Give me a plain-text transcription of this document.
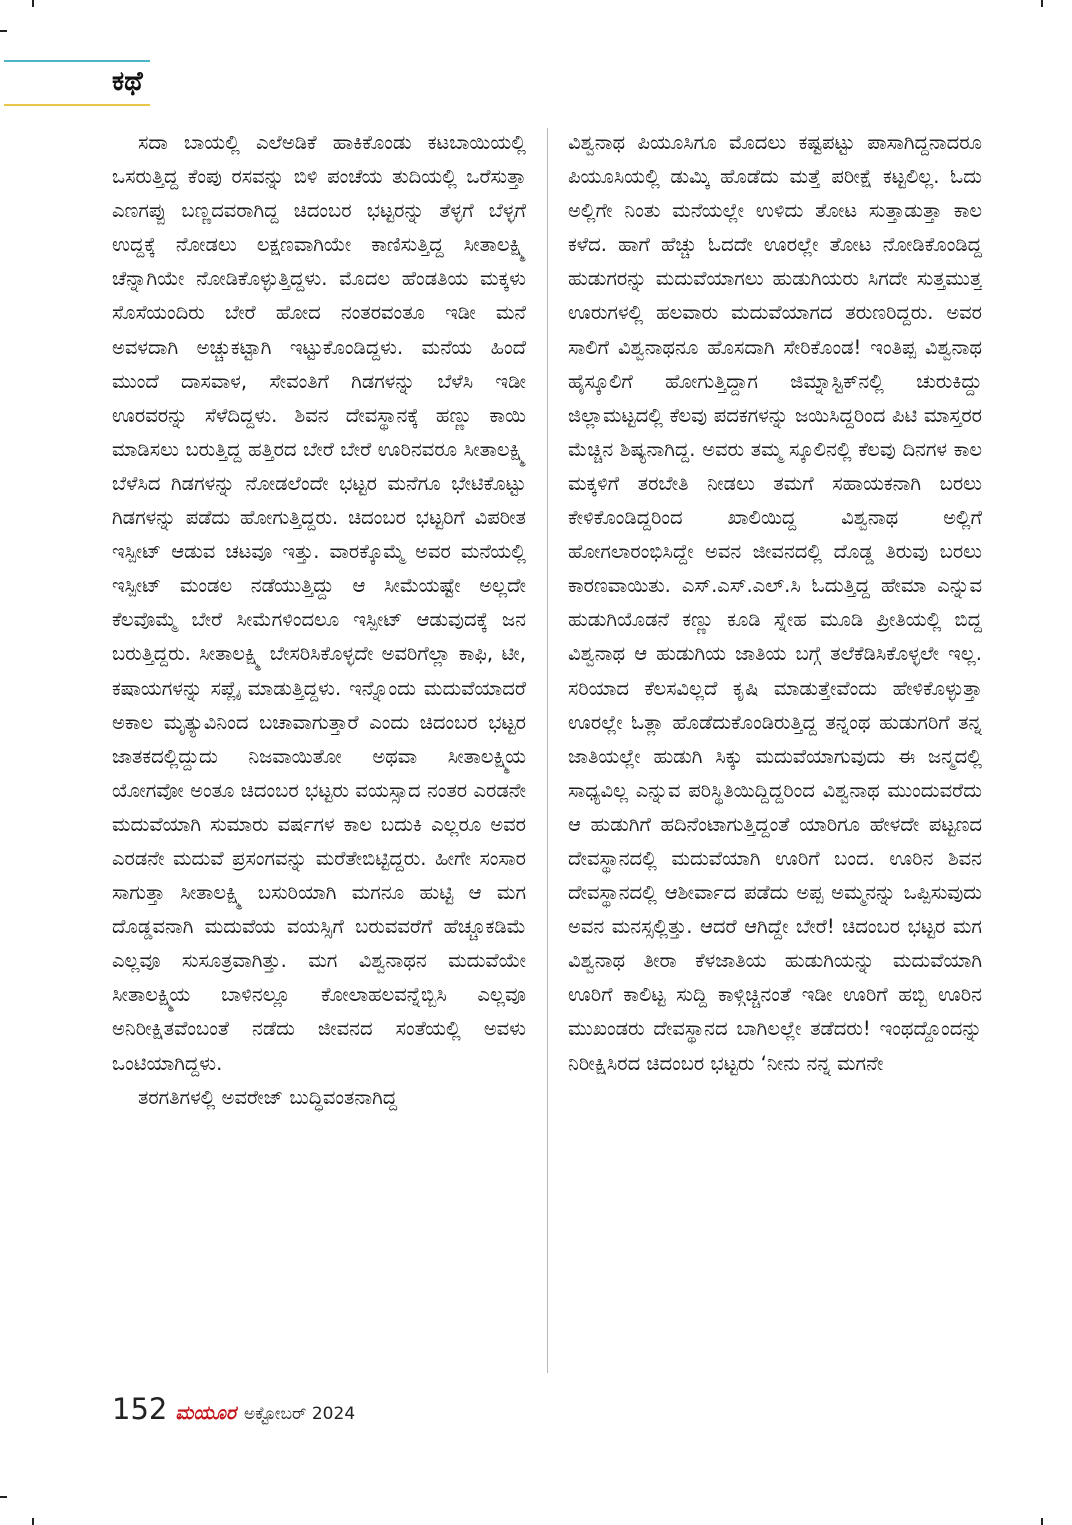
ಕಥೆ

ಸದಾ ಬಾಯಲ್ಲಿ ಎಲೆಅಡಿಕೆ ಹಾಕಿಕೊಂಡು ಕಟಬಾಯಿಯಲ್ಲಿ ಒಸರುತ್ತಿದ್ದ ಕೆಂಪು ರಸವನ್ನು ಬಿಳಿ ಪಂಚೆಯ ತುದಿಯಲ್ಲಿ ಒರೆಸುತ್ತಾ ಎಣಗಪ್ಪು ಬಣ್ಣದವರಾಗಿದ್ದ ಚಿದಂಬರ ಭಟ್ಟರನ್ನು ತೆಳ್ಳಗೆ ಬೆಳ್ಳಗೆ ಉದ್ದಕ್ಕೆ ನೋಡಲು ಲಕ್ಷಣವಾಗಿಯೇ ಕಾಣಿಸುತ್ತಿದ್ದ ಸೀತಾಲಕ್ಷ್ಮಿ ಚೆನ್ನಾಗಿಯೇ ನೋಡಿಕೊಳ್ಳುತ್ತಿದ್ದಳು. ಮೊದಲ ಹೆಂಡತಿಯ ಮಕ್ಕಳು ಸೊಸೆಯಂದಿರು ಬೇರೆ ಹೋದ ನಂತರವಂತೂ ಇಡೀ ಮನೆ ಅವಳದಾಗಿ ಅಚ್ಚುಕಟ್ಟಾಗಿ ಇಟ್ಟುಕೊಂಡಿದ್ದಳು. ಮನೆಯ ಹಿಂದೆ ಮುಂದೆ ದಾಸವಾಳ, ಸೇವಂತಿಗೆ ಗಿಡಗಳನ್ನು ಬೆಳೆಸಿ ಇಡೀ ಊರವರನ್ನು ಸೆಳೆದಿದ್ದಳು. ಶಿವನ ದೇವಸ್ಥಾನಕ್ಕೆ ಹಣ್ಣು ಕಾಯಿ ಮಾಡಿಸಲು ಬರುತ್ತಿದ್ದ ಹತ್ತಿರದ ಬೇರೆ ಬೇರೆ ಊರಿನವರೂ ಸೀತಾಲಕ್ಷ್ಮಿ ಬೆಳೆಸಿದ ಗಿಡಗಳನ್ನು ನೋಡಲೆಂದೇ ಭಟ್ಟರ ಮನೆಗೂ ಭೇಟಿಕೊಟ್ಟು ಗಿಡಗಳನ್ನು ಪಡೆದು ಹೋಗುತ್ತಿದ್ದರು. ಚಿದಂಬರ ಭಟ್ಟರಿಗೆ ವಿಪರೀತ ಇಸ್ಪೀಟ್ ಆಡುವ ಚಟವೂ ಇತ್ತು. ವಾರಕ್ಕೊಮ್ಮೆ ಅವರ ಮನೆಯಲ್ಲಿ ಇಸ್ಪೀಟ್ ಮಂಡಲ ನಡೆಯುತ್ತಿದ್ದು ಆ ಸೀಮೆಯಷ್ಟೇ ಅಲ್ಲದೇ ಕೆಲವೊಮ್ಮೆ ಬೇರೆ ಸೀಮೆಗಳಿಂದಲೂ ಇಸ್ಪೀಟ್ ಆಡುವುದಕ್ಕೆ ಜನ ಬರುತ್ತಿದ್ದರು. ಸೀತಾಲಕ್ಷ್ಮಿ ಬೇಸರಿಸಿಕೊಳ್ಳದೇ ಅವರಿಗೆಲ್ಲಾ ಕಾಫಿ, ಟೀ, ಕಷಾಯಗಳನ್ನು ಸಪ್ಲೈ ಮಾಡುತ್ತಿದ್ದಳು. ಇನ್ನೊಂದು ಮದುವೆಯಾದರೆ ಅಕಾಲ ಮೃತ್ಯುವಿನಿಂದ ಬಚಾವಾಗುತ್ತಾರೆ ಎಂದು ಚಿದಂಬರ ಭಟ್ಟರ ಜಾತಕದಲ್ಲಿದ್ದುದು ನಿಜವಾಯಿತೋ ಅಥವಾ ಸೀತಾಲಕ್ಷ್ಮಿಯ ಯೋಗವೋ ಅಂತೂ ಚಿದಂಬರ ಭಟ್ಟರು ವಯಸ್ಸಾದ ನಂತರ ಎರಡನೇ ಮದುವೆಯಾಗಿ ಸುಮಾರು ವರ್ಷಗಳ ಕಾಲ ಬದುಕಿ ಎಲ್ಲರೂ ಅವರ ಎರಡನೇ ಮದುವೆ ಪ್ರಸಂಗವನ್ನು ಮರೆತೇಬಿಟ್ಟಿದ್ದರು. ಹೀಗೇ ಸಂಸಾರ ಸಾಗುತ್ತಾ ಸೀತಾಲಕ್ಷ್ಮಿ ಬಸುರಿಯಾಗಿ ಮಗನೂ ಹುಟ್ಟಿ ಆ ಮಗ ದೊಡ್ಡವನಾಗಿ ಮದುವೆಯ ವಯಸ್ಸಿಗೆ ಬರುವವರೆಗೆ ಹೆಚ್ಚೂಕಡಿಮೆ ಎಲ್ಲವೂ ಸುಸೂತ್ರವಾಗಿತ್ತು. ಮಗ ವಿಶ್ವನಾಥನ ಮದುವೆಯೇ ಸೀತಾಲಕ್ಷ್ಮಿಯ ಬಾಳಿನಲ್ಲೂ ಕೋಲಾಹಲವನ್ನೆಬ್ಬಿಸಿ ಎಲ್ಲವೂ ಅನಿರೀಕ್ಷಿತವೆಂಬಂತೆ ನಡೆದು ಜೀವನದ ಸಂತೆಯಲ್ಲಿ ಅವಳು ಒಂಟಿಯಾಗಿದ್ದಳು.

ತರಗತಿಗಳಲ್ಲಿ ಅವರೇಜ್ ಬುದ್ಧಿವಂತನಾಗಿದ್ದ

ವಿಶ್ವನಾಥ ಪಿಯೂಸಿಗೂ ಮೊದಲು ಕಷ್ಟಪಟ್ಟು ಪಾಸಾಗಿದ್ದನಾದರೂ ಪಿಯೂಸಿಯಲ್ಲಿ ಡುಮ್ಕಿ ಹೊಡೆದು ಮತ್ತೆ ಪರೀಕ್ಷೆ ಕಟ್ಟಲಿಲ್ಲ. ಓದು ಅಲ್ಲಿಗೇ ನಿಂತು ಮನೆಯಲ್ಲೇ ಉಳಿದು ತೋಟ ಸುತ್ತಾಡುತ್ತಾ ಕಾಲ ಕಳೆದ. ಹಾಗೆ ಹೆಚ್ಚು ಓದದೇ ಊರಲ್ಲೇ ತೋಟ ನೋಡಿಕೊಂಡಿದ್ದ ಹುಡುಗರನ್ನು ಮದುವೆಯಾಗಲು ಹುಡುಗಿಯರು ಸಿಗದೇ ಸುತ್ತಮುತ್ತ ಊರುಗಳಲ್ಲಿ ಹಲವಾರು ಮದುವೆಯಾಗದ ತರುಣರಿದ್ದರು. ಅವರ ಸಾಲಿಗೆ ವಿಶ್ವನಾಥನೂ ಹೊಸದಾಗಿ ಸೇರಿಕೊಂಡ! ಇಂತಿಪ್ಪ ವಿಶ್ವನಾಥ ಹೈಸ್ಕೂಲಿಗೆ ಹೋಗುತ್ತಿದ್ದಾಗ ಜಿಮ್ನಾಸ್ಟಿಕ್‌ನಲ್ಲಿ ಚುರುಕಿದ್ದು ಜಿಲ್ಲಾಮಟ್ಟದಲ್ಲಿ ಕೆಲವು ಪದಕಗಳನ್ನು ಜಯಿಸಿದ್ದರಿಂದ ಪಿಟಿ ಮಾಸ್ತರರ ಮೆಚ್ಚಿನ ಶಿಷ್ಯನಾಗಿದ್ದ. ಅವರು ತಮ್ಮ ಸ್ಕೂಲಿನಲ್ಲಿ ಕೆಲವು ದಿನಗಳ ಕಾಲ ಮಕ್ಕಳಿಗೆ ತರಬೇತಿ ನೀಡಲು ತಮಗೆ ಸಹಾಯಕನಾಗಿ ಬರಲು ಕೇಳಿಕೊಂಡಿದ್ದರಿಂದ ಖಾಲಿಯಿದ್ದ ವಿಶ್ವನಾಥ ಅಲ್ಲಿಗೆ ಹೋಗಲಾರಂಭಿಸಿದ್ದೇ ಅವನ ಜೀವನದಲ್ಲಿ ದೊಡ್ಡ ತಿರುವು ಬರಲು ಕಾರಣವಾಯಿತು. ಎಸ್.ಎಸ್.ಎಲ್.ಸಿ ಓದುತ್ತಿದ್ದ ಹೇಮಾ ಎನ್ನುವ ಹುಡುಗಿಯೊಡನೆ ಕಣ್ಣು ಕೂಡಿ ಸ್ನೇಹ ಮೂಡಿ ಪ್ರೀತಿಯಲ್ಲಿ ಬಿದ್ದ ವಿಶ್ವನಾಥ ಆ ಹುಡುಗಿಯ ಜಾತಿಯ ಬಗ್ಗೆ ತಲೆಕೆಡಿಸಿಕೊಳ್ಳಲೇ ಇಲ್ಲ. ಸರಿಯಾದ ಕೆಲಸವಿಲ್ಲದೆ ಕೃಷಿ ಮಾಡುತ್ತೇವೆಂದು ಹೇಳಿಕೊಳ್ಳುತ್ತಾ ಊರಲ್ಲೇ ಓತ್ಲಾ ಹೊಡೆದುಕೊಂಡಿರುತ್ತಿದ್ದ ತನ್ನಂಥ ಹುಡುಗರಿಗೆ ತನ್ನ ಜಾತಿಯಲ್ಲೇ ಹುಡುಗಿ ಸಿಕ್ಕು ಮದುವೆಯಾಗುವುದು ಈ ಜನ್ಮದಲ್ಲಿ ಸಾಧ್ಯವಿಲ್ಲ ಎನ್ನುವ ಪರಿಸ್ಥಿತಿಯಿದ್ದಿದ್ದರಿಂದ ವಿಶ್ವನಾಥ ಮುಂದುವರೆದು ಆ ಹುಡುಗಿಗೆ ಹದಿನೆಂಟಾಗುತ್ತಿದ್ದಂತೆ ಯಾರಿಗೂ ಹೇಳದೇ ಪಟ್ಟಣದ ದೇವಸ್ಥಾನದಲ್ಲಿ ಮದುವೆಯಾಗಿ ಊರಿಗೆ ಬಂದ. ಊರಿನ ಶಿವನ ದೇವಸ್ಥಾನದಲ್ಲಿ ಆಶೀರ್ವಾದ ಪಡೆದು ಅಪ್ಪ ಅಮ್ಮನನ್ನು ಒಪ್ಪಿಸುವುದು ಅವನ ಮನಸ್ಸಲ್ಲಿತ್ತು. ಆದರೆ ಆಗಿದ್ದೇ ಬೇರೆ! ಚಿದಂಬರ ಭಟ್ಟರ ಮಗ ವಿಶ್ವನಾಥ ತೀರಾ ಕೆಳಜಾತಿಯ ಹುಡುಗಿಯನ್ನು ಮದುವೆಯಾಗಿ ಊರಿಗೆ ಕಾಲಿಟ್ಟ ಸುದ್ದಿ ಕಾಳ್ಗಿಚ್ಚಿನಂತೆ ಇಡೀ ಊರಿಗೆ ಹಬ್ಬಿ ಊರಿನ ಮುಖಂಡರು ದೇವಸ್ಥಾನದ ಬಾಗಿಲಲ್ಲೇ ತಡೆದರು! ಇಂಥದ್ದೊಂದನ್ನು ನಿರೀಕ್ಷಿಸಿರದ ಚಿದಂಬರ ಭಟ್ಟರು ‘ನೀನು ನನ್ನ ಮಗನೇ

152 ಮಯೂರ ಅಕ್ಟೋಬರ್ 2024
